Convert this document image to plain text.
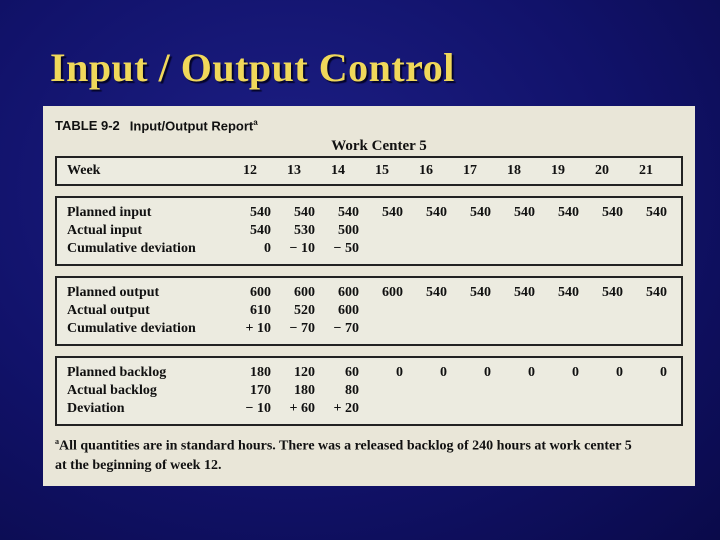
Input / Output Control
TABLE 9-2 Input/Output Report$^a$
Work Center 5
Week	12	13	14	15	16	17	18	19	20	21
Planned input	540	540	540	540	540	540	540	540	540	540
Actual input	540	530	500
Cumulative deviation	0	− 10	− 50
Planned output	600	600	600	600	540	540	540	540	540	540
Actual output	610	520	600
Cumulative deviation	+ 10	− 70	− 70
Planned backlog	180	120	60	0	0	0	0	0	0	0
Actual backlog	170	180	80
Deviation	− 10	+ 60	+ 20
$^a$All quantities are in standard hours. There was a released backlog of 240 hours at work center 5
at the beginning of week 12.
